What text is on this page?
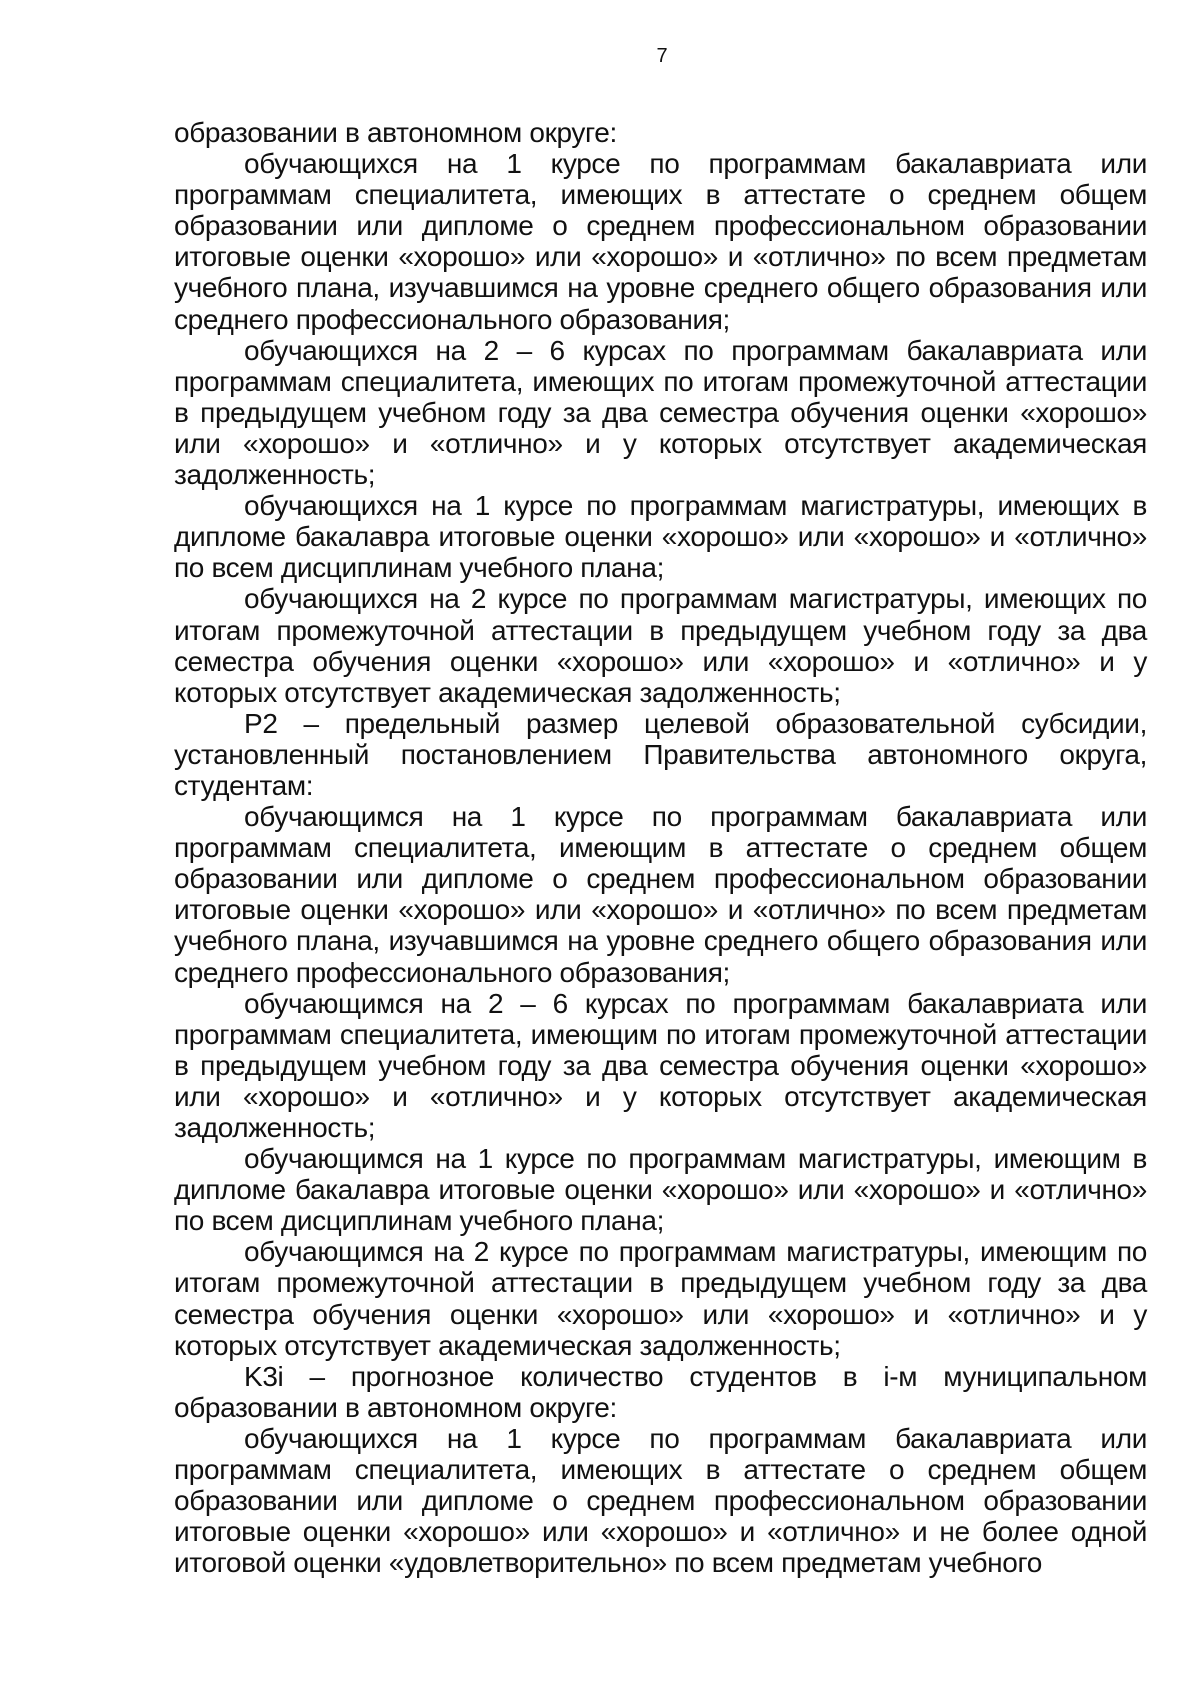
7

образовании в автономном округе:

обучающихся на 1 курсе по программам бакалавриата или программам специалитета, имеющих в аттестате о среднем общем образовании или дипломе о среднем профессиональном образовании итоговые оценки «хорошо» или «хорошо» и «отлично» по всем предметам учебного плана, изучавшимся на уровне среднего общего образования или среднего профессионального образования;

обучающихся на 2 – 6 курсах по программам бакалавриата или программам специалитета, имеющих по итогам промежуточной аттестации в предыдущем учебном году за два семестра обучения оценки «хорошо» или «хорошо» и «отлично» и у которых отсутствует академическая задолженность;

обучающихся на 1 курсе по программам магистратуры, имеющих в дипломе бакалавра итоговые оценки «хорошо» или «хорошо» и «отлично» по всем дисциплинам учебного плана;

обучающихся на 2 курсе по программам магистратуры, имеющих по итогам промежуточной аттестации в предыдущем учебном году за два семестра обучения оценки «хорошо» или «хорошо» и «отлично» и у которых отсутствует академическая задолженность;

P2 – предельный размер целевой образовательной субсидии, установленный постановлением Правительства автономного округа, студентам:

обучающимся на 1 курсе по программам бакалавриата или программам специалитета, имеющим в аттестате о среднем общем образовании или дипломе о среднем профессиональном образовании итоговые оценки «хорошо» или «хорошо» и «отлично» по всем предметам учебного плана, изучавшимся на уровне среднего общего образования или среднего профессионального образования;

обучающимся на 2 – 6 курсах по программам бакалавриата или программам специалитета, имеющим по итогам промежуточной аттестации в предыдущем учебном году за два семестра обучения оценки «хорошо» или «хорошо» и «отлично» и у которых отсутствует академическая задолженность;

обучающимся на 1 курсе по программам магистратуры, имеющим в дипломе бакалавра итоговые оценки «хорошо» или «хорошо» и «отлично» по всем дисциплинам учебного плана;

обучающимся на 2 курсе по программам магистратуры, имеющим по итогам промежуточной аттестации в предыдущем учебном году за два семестра обучения оценки «хорошо» или «хорошо» и «отлично» и у которых отсутствует академическая задолженность;

K3i – прогнозное количество студентов в i-м муниципальном образовании в автономном округе:

обучающихся на 1 курсе по программам бакалавриата или программам специалитета, имеющих в аттестате о среднем общем образовании или дипломе о среднем профессиональном образовании итоговые оценки «хорошо» или «хорошо» и «отлично» и не более одной итоговой оценки «удовлетворительно» по всем предметам учебного
